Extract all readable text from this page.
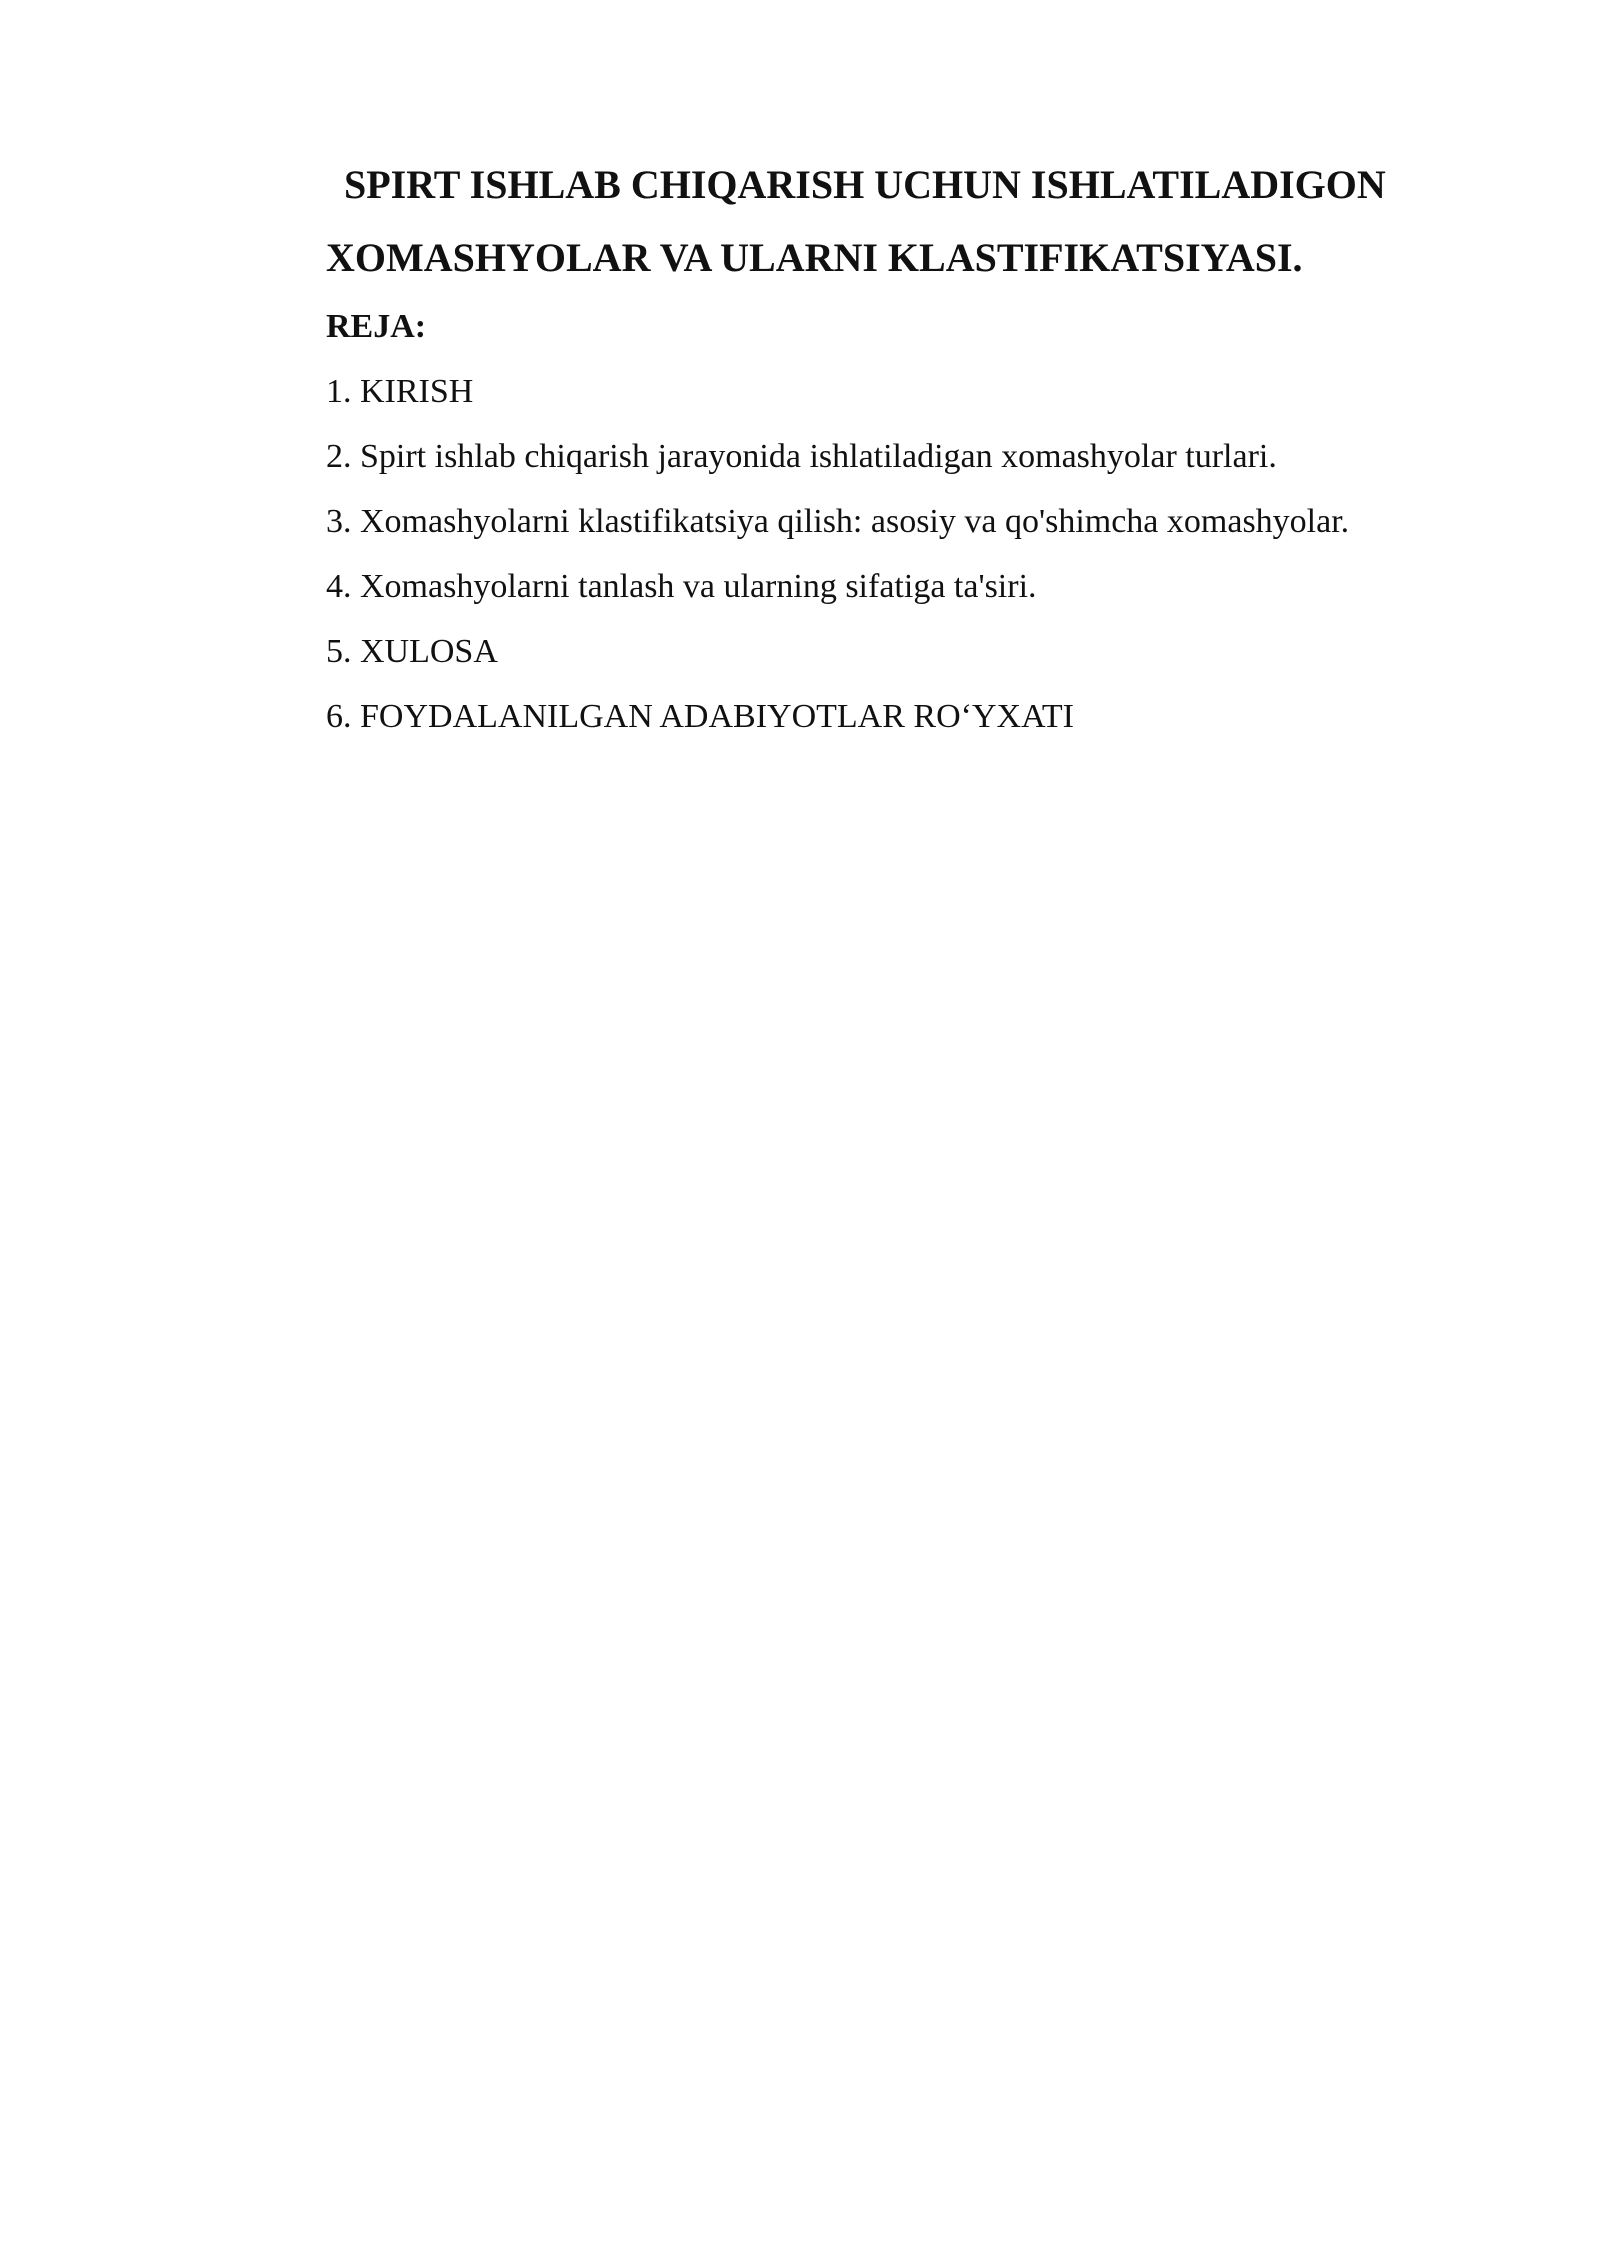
SPIRT ISHLAB CHIQARISH UCHUN ISHLATILADIGON

XOMASHYOLAR VA ULARNI KLASTIFIKATSIYASI.

REJA:

1. KIRISH
2. Spirt ishlab chiqarish jarayonida ishlatiladigan xomashyolar turlari.
3. Xomashyolarni klastifikatsiya qilish: asosiy va qo'shimcha xomashyolar.
4. Xomashyolarni tanlash va ularning sifatiga ta'siri.
5. XULOSA
6. FOYDALANILGAN ADABIYOTLAR RO‘YXATI
